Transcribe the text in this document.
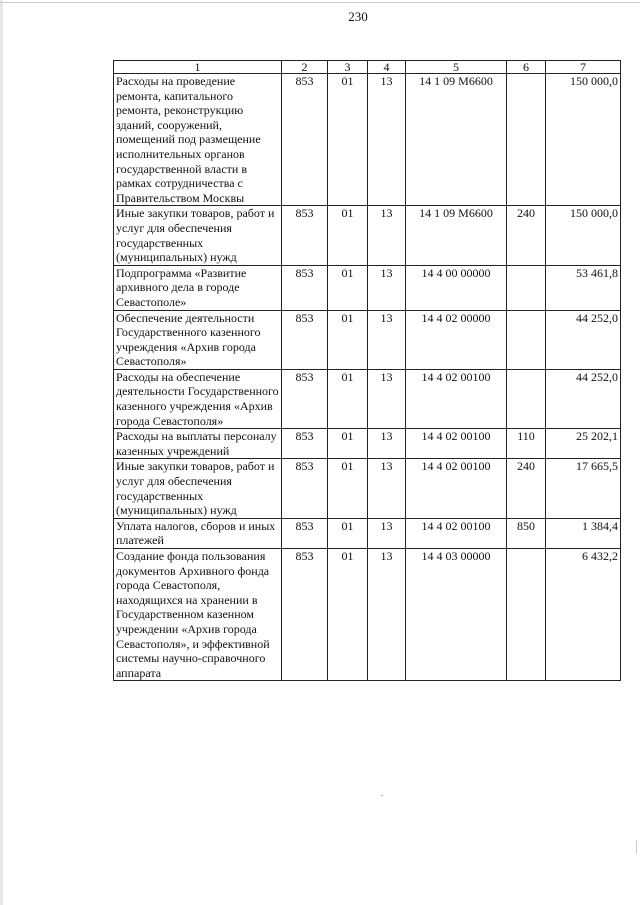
230
1	2	3	4	5	6	7
Расходы на проведение ремонта, капитального ремонта, реконструкцию зданий, сооружений, помещений под размещение исполнительных органов государственной власти в рамках сотрудничества с Правительством Москвы	853	01	13	14 1 09 М6600		150 000,0
Иные закупки товаров, работ и услуг для обеспечения государственных (муниципальных) нужд	853	01	13	14 1 09 М6600	240	150 000,0
Подпрограмма «Развитие архивного дела в городе Севастополе»	853	01	13	14 4 00 00000		53 461,8
Обеспечение деятельности Государственного казенного учреждения «Архив города Севастополя»	853	01	13	14 4 02 00000		44 252,0
Расходы на обеспечение деятельности Государственного казенного учреждения «Архив города Севастополя»	853	01	13	14 4 02 00100		44 252,0
Расходы на выплаты персоналу казенных учреждений	853	01	13	14 4 02 00100	110	25 202,1
Иные закупки товаров, работ и услуг для обеспечения государственных (муниципальных) нужд	853	01	13	14 4 02 00100	240	17 665,5
Уплата налогов, сборов и иных платежей	853	01	13	14 4 02 00100	850	1 384,4
Создание фонда пользования документов Архивного фонда города Севастополя, находящихся на хранении в Государственном казенном учреждении «Архив города Севастополя», и эффективной системы научно-справочного аппарата	853	01	13	14 4 03 00000		6 432,2
